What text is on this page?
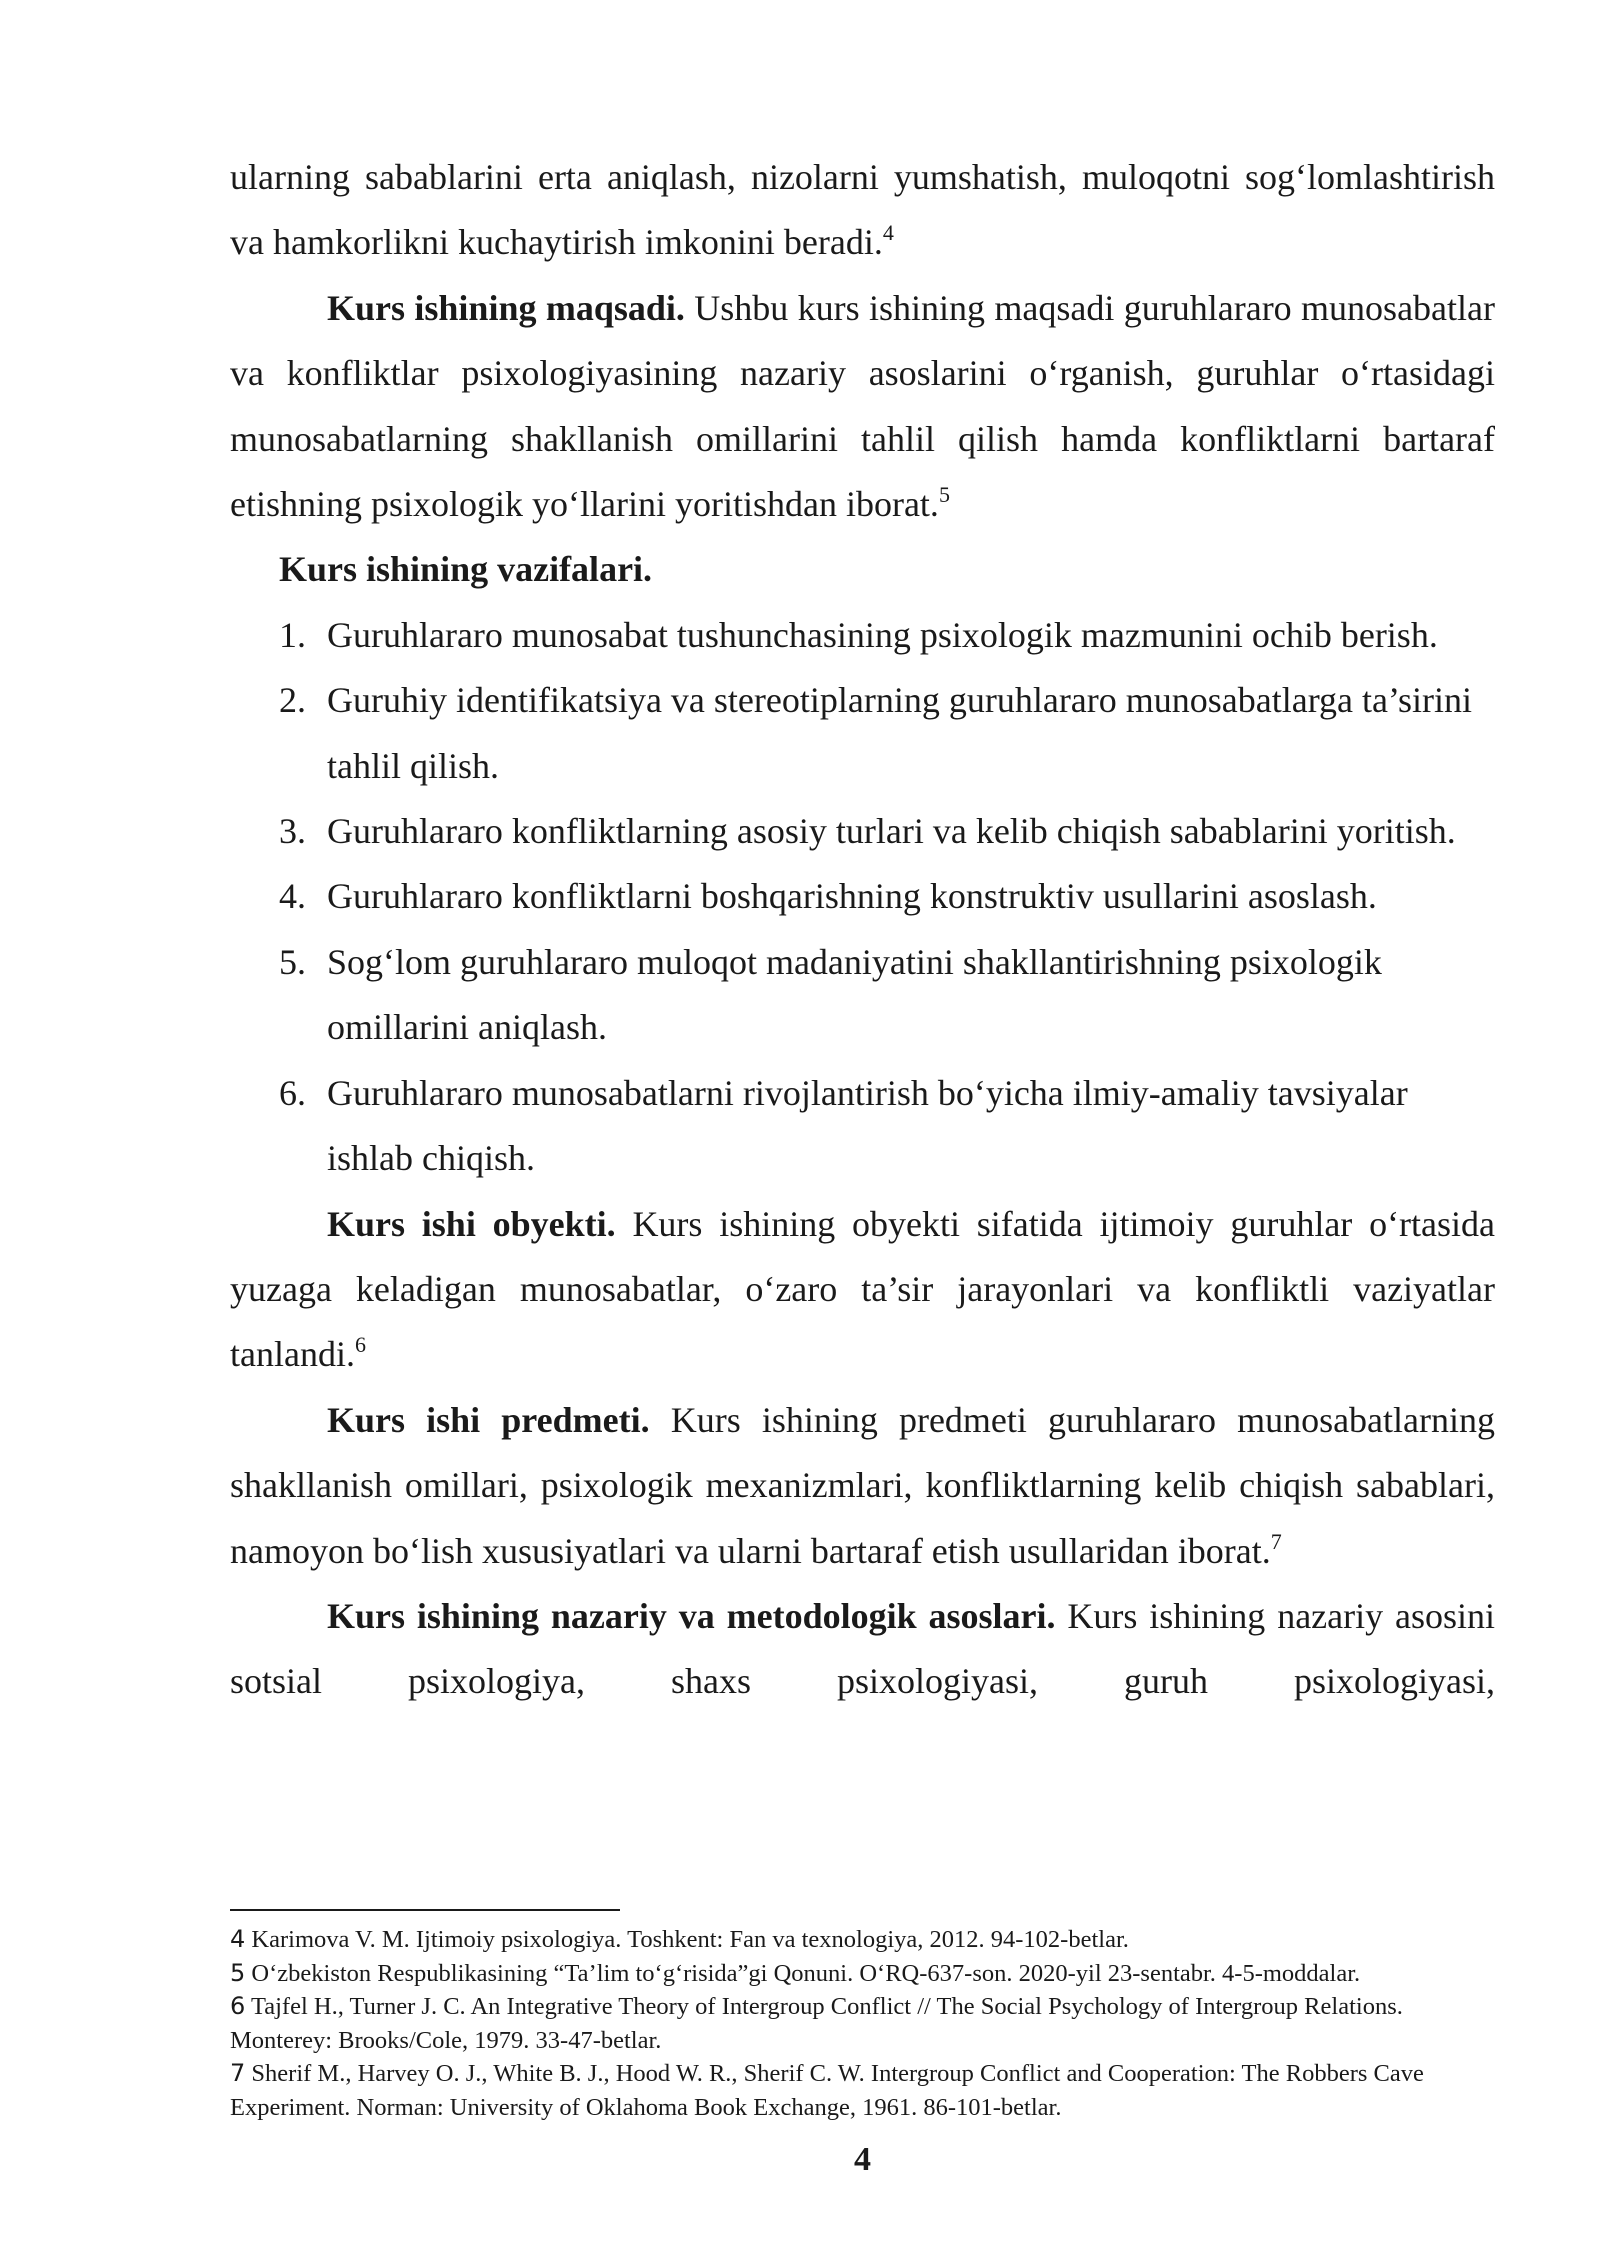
ularning sabablarini erta aniqlash, nizolarni yumshatish, muloqotni sog‘lomlashtirish va hamkorlikni kuchaytirish imkonini beradi.$^4$

Kurs ishining maqsadi. Ushbu kurs ishining maqsadi guruhlararo munosabatlar va konfliktlar psixologiyasining nazariy asoslarini o‘rganish, guruhlar o‘rtasidagi munosabatlarning shakllanish omillarini tahlil qilish hamda konfliktlarni bartaraf etishning psixologik yo‘llarini yoritishdan iborat.$^5$

Kurs ishining vazifalari.

1. Guruhlararo munosabat tushunchasining psixologik mazmunini ochib berish.

2. Guruhiy identifikatsiya va stereotiplarning guruhlararo munosabatlarga ta’sirini tahlil qilish.

3. Guruhlararo konfliktlarning asosiy turlari va kelib chiqish sabablarini yoritish.

4. Guruhlararo konfliktlarni boshqarishning konstruktiv usullarini asoslash.

5. Sog‘lom guruhlararo muloqot madaniyatini shakllantirishning psixologik omillarini aniqlash.

6. Guruhlararo munosabatlarni rivojlantirish bo‘yicha ilmiy-amaliy tavsiyalar ishlab chiqish.

Kurs ishi obyekti. Kurs ishining obyekti sifatida ijtimoiy guruhlar o‘rtasida yuzaga keladigan munosabatlar, o‘zaro ta’sir jarayonlari va konfliktli vaziyatlar tanlandi.$^6$

Kurs ishi predmeti. Kurs ishining predmeti guruhlararo munosabatlarning shakllanish omillari, psixologik mexanizmlari, konfliktlarning kelib chiqish sabablari, namoyon bo‘lish xususiyatlari va ularni bartaraf etish usullaridan iborat.$^7$

Kurs ishining nazariy va metodologik asoslari. Kurs ishining nazariy asosini sotsial psixologiya, shaxs psixologiyasi, guruh psixologiyasi,

4 Karimova V. M. Ijtimoiy psixologiya. Toshkent: Fan va texnologiya, 2012. 94-102-betlar.

5 O‘zbekiston Respublikasining “Ta’lim to‘g‘risida”gi Qonuni. O‘RQ-637-son. 2020-yil 23-sentabr. 4-5-moddalar.

6 Tajfel H., Turner J. C. An Integrative Theory of Intergroup Conflict // The Social Psychology of Intergroup Relations. Monterey: Brooks/Cole, 1979. 33-47-betlar.

7 Sherif M., Harvey O. J., White B. J., Hood W. R., Sherif C. W. Intergroup Conflict and Cooperation: The Robbers Cave Experiment. Norman: University of Oklahoma Book Exchange, 1961. 86-101-betlar.

4
